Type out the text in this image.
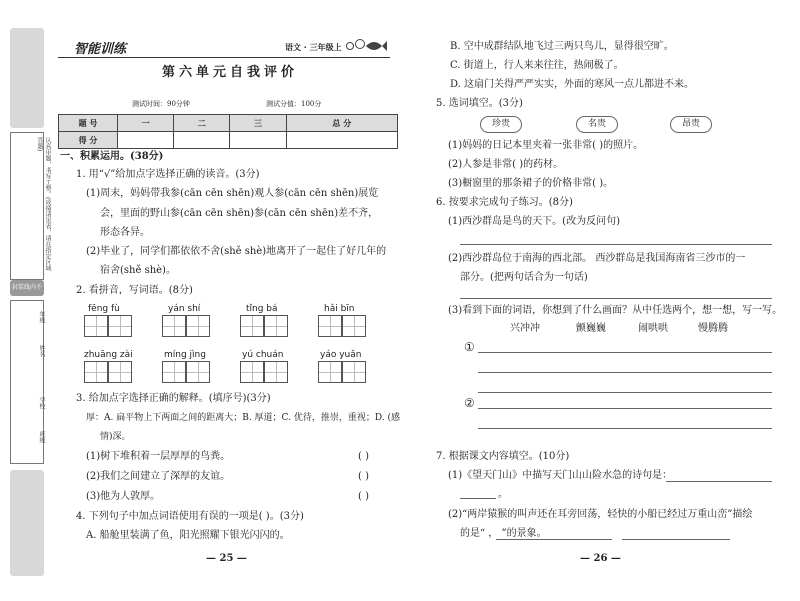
认真审题，书写工整。(成绩请见表，请在指定区域答题)
封装线内不要答题
年级
姓名
学校
班级
智能训练	语文 · 三年级上
第六单元自我评价
测试时间：90分钟	测试分值：100分
题 号	一	二	三	总 分
得 分				
一、积累运用。(38分)
1. 用“√”给加点字选择正确的读音。(3分)
(1)周末，妈妈带我参(cān cēn shēn)观人参(cān cēn shēn)展览
会，里面的野山参(cān cēn shēn)参(cān cēn shēn)差不齐，
形态各异。
(2)毕业了，同学们都依依不舍(shě shè)地离开了一起住了好几年的
宿舍(shě shè)。
2. 看拼音，写词语。(8分)
fēng fù	yán shí	tǐng bá	hǎi bīn
zhuāng zài	míng jìng	yú chuán	yáo yuǎn
3. 给加点字选择正确的解释。(填序号)(3分)
厚：A. 扁平物上下两面之间的距离大；B. 厚道；C. 优待，推崇，重视；D. (感
情)深。
(1)树下堆积着一层厚厚的鸟粪。	( )
(2)我们之间建立了深厚的友谊。	( )
(3)他为人敦厚。	( )
4. 下列句子中加点词语使用有误的一项是( )。(3分)
A. 船舱里装满了鱼，阳光照耀下银光闪闪的。
— 25 —
B. 空中成群结队地飞过三两只鸟儿，显得很空旷。
C. 街道上，行人来来往往，热闹极了。
D. 这扇门关得严严实实，外面的寒风一点儿都进不来。
5. 选词填空。(3分)
珍贵	名贵	昂贵
(1)妈妈的日记本里夹着一张非常( )的照片。
(2)人参是非常( )的药材。
(3)橱窗里的那条裙子的价格非常( )。
6. 按要求完成句子练习。(8分)
(1)西沙群岛是鸟的天下。(改为反问句)
(2)西沙群岛位于南海的西北部。 西沙群岛是我国海南省三沙市的一
部分。(把两句话合为一句话)
(3)看到下面的词语，你想到了什么画面？从中任选两个，想一想，写一写。
兴冲冲	颤巍巍	闹哄哄	慢腾腾
①
②
7. 根据课文内容填空。(10分)
(1)《望天门山》中描写天门山山险水急的诗句是：
。
(2)“两岸猿猴的叫声还在耳旁回荡，轻快的小船已经过万重山峦”描绘
的是“ ， ”的景象。
— 26 —
